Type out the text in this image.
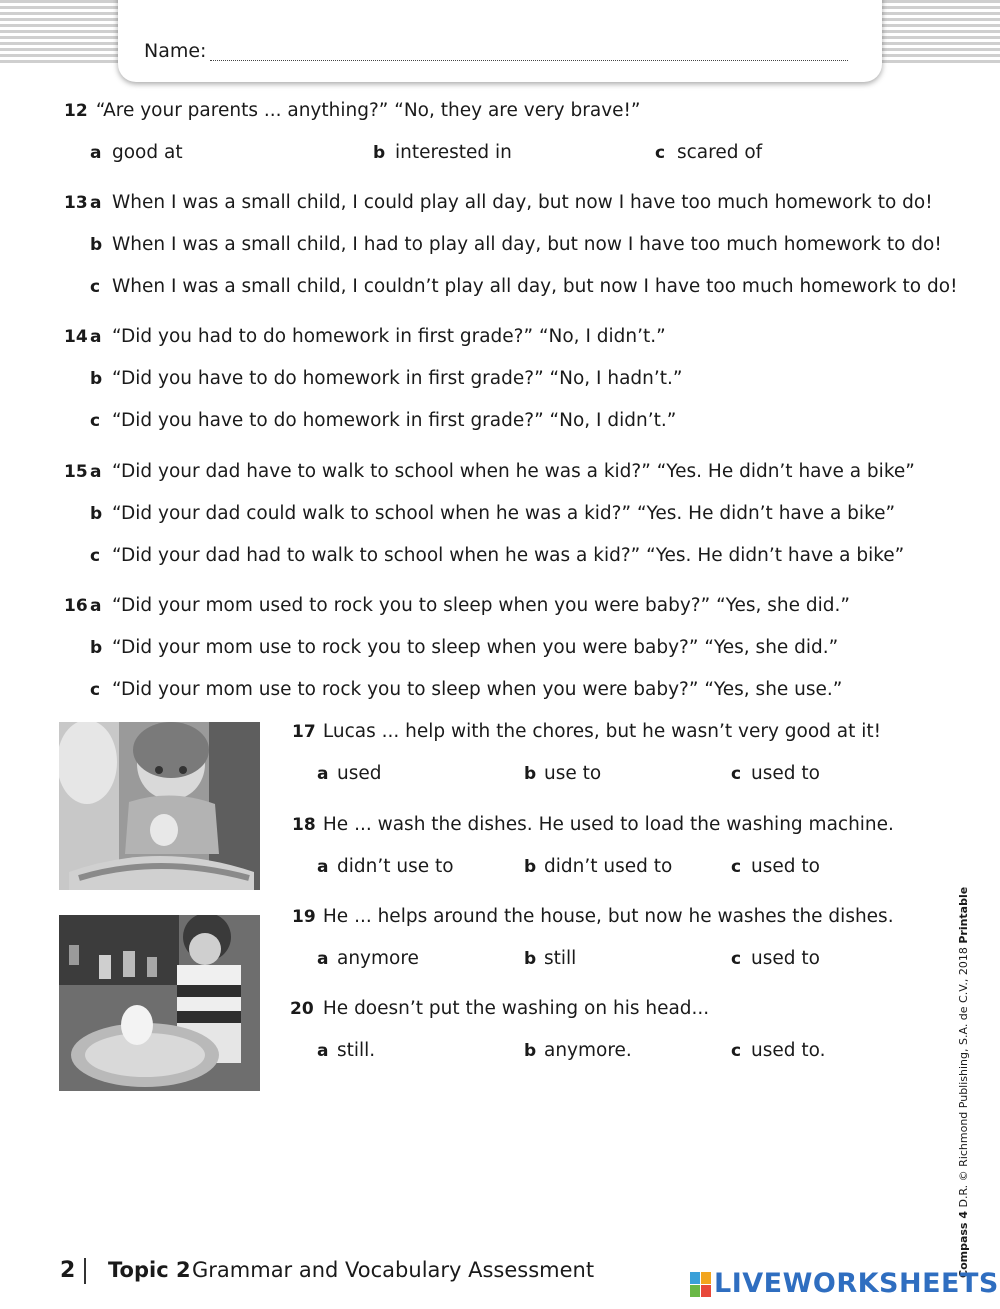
Name:
12 “Are your parents ... anything?” “No, they are very brave!”
a good at	b interested in	c scared of
13 a When I was a small child, I could play all day, but now I have too much homework to do!
b When I was a small child, I had to play all day, but now I have too much homework to do!
c When I was a small child, I couldn’t play all day, but now I have too much homework to do!
14 a “Did you had to do homework in first grade?” “No, I didn’t.”
b “Did you have to do homework in first grade?” “No, I hadn’t.”
c “Did you have to do homework in first grade?” “No, I didn’t.”
15 a “Did your dad have to walk to school when he was a kid?” “Yes. He didn’t have a bike”
b “Did your dad could walk to school when he was a kid?” “Yes. He didn’t have a bike”
c “Did your dad had to walk to school when he was a kid?” “Yes. He didn’t have a bike”
16 a “Did your mom used to rock you to sleep when you were baby?” “Yes, she did.”
b “Did your mom use to rock you to sleep when you were baby?” “Yes, she did.”
c “Did your mom use to rock you to sleep when you were baby?” “Yes, she use.”
17 Lucas ... help with the chores, but he wasn’t very good at it!
a used	b use to	c used to
18 He ... wash the dishes. He used to load the washing machine.
a didn’t use to	b didn’t used to	c used to
19 He ... helps around the house, but now he washes the dishes.
a anymore	b still	c used to
20 He doesn’t put the washing on his head...
a still.	b anymore.	c used to.
Compass 4 D.R. © Richmond Publishing, S.A. de C.V., 2018 Printable
2 Topic 2 Grammar and Vocabulary Assessment	LIVEWORKSHEETS
